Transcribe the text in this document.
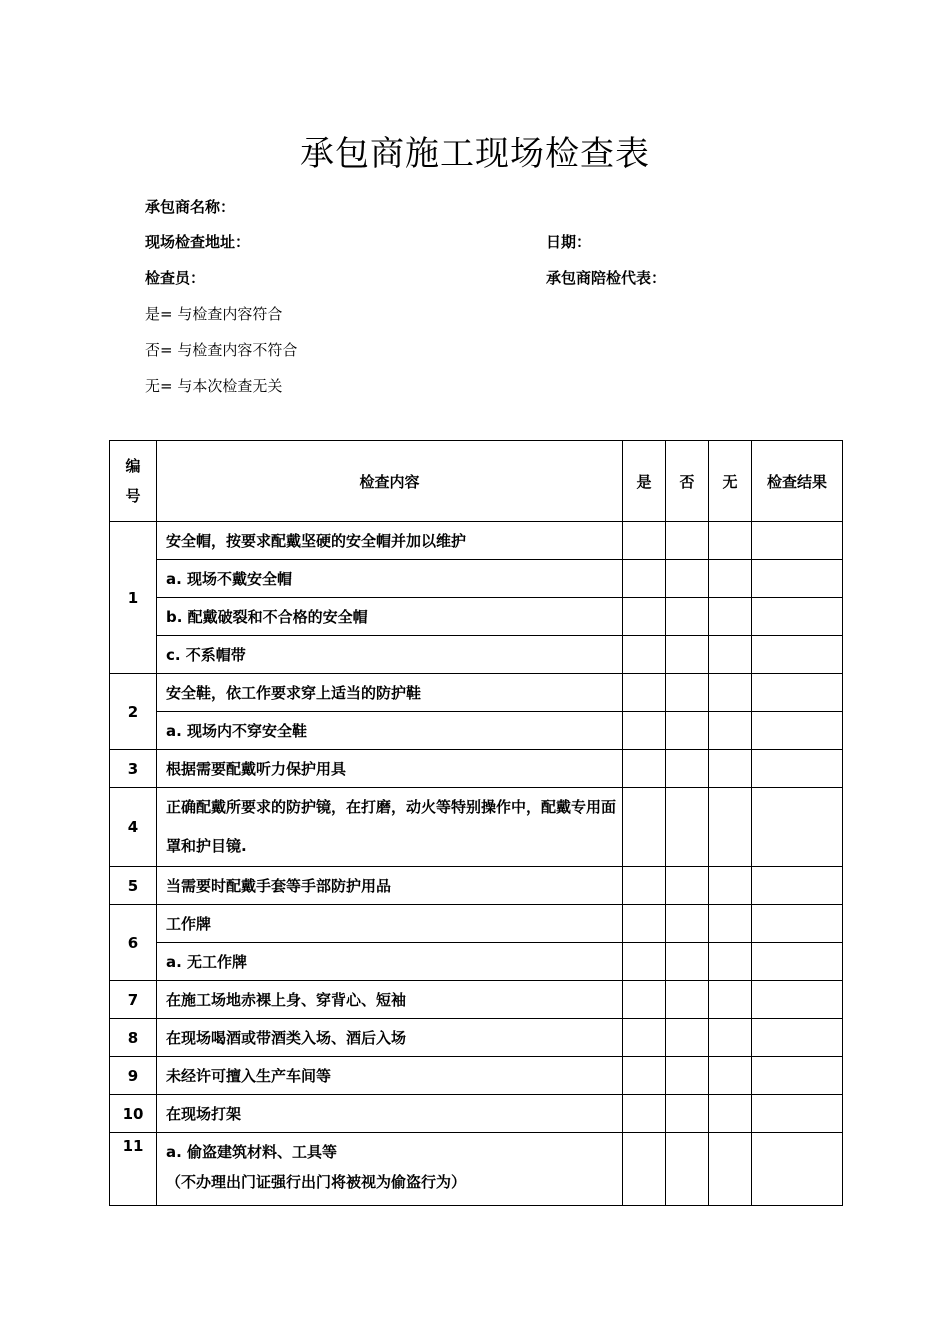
承包商施工现场检查表
承包商名称：
现场检查地址：	日期：
检查员：	承包商陪检代表：
是= 与检查内容符合
否= 与检查内容不符合
无= 与本次检查无关
编
号	检查内容	是	否	无	检查结果
1	安全帽，按要求配戴坚硬的安全帽并加以维护				
	a. 现场不戴安全帽				
	b. 配戴破裂和不合格的安全帽				
	c. 不系帽带				
2	安全鞋，依工作要求穿上适当的防护鞋				
	a. 现场内不穿安全鞋				
3	根据需要配戴听力保护用具				
4	正确配戴所要求的防护镜，在打磨，动火等特别操作中，配戴专用面罩和护目镜.				
5	当需要时配戴手套等手部防护用品				
6	工作牌				
	a. 无工作牌				
7	在施工场地赤裸上身、穿背心、短袖				
8	在现场喝酒或带酒类入场、酒后入场				
9	未经许可擅入生产车间等				
10	在现场打架				
11	a. 偷盗建筑材料、工具等
（不办理出门证强行出门将被视为偷盗行为）				
